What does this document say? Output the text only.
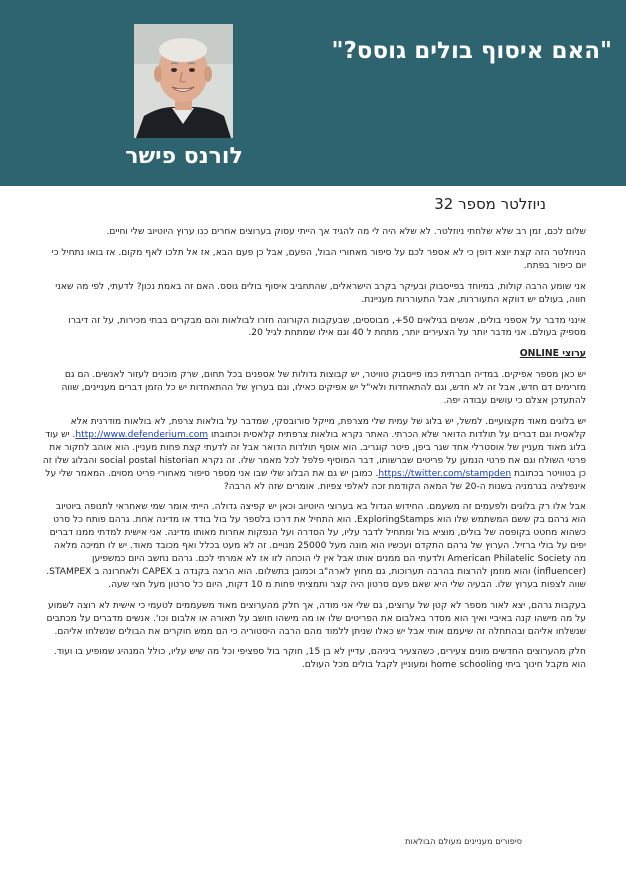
"האם איסוף בולים גוסס?"
לורנס פישר
ניוזלטר מספר 32

שלום לכם, זמן רב שלא שלחתי ניוזלטר. לא שלא היה לי מה להגיד אך הייתי עסוק בערוצים אחרים כנו ערוץ היוטיוב שלי וחיים.

הניוזלטר הזה קצת יוצא דופן כי לא אספר לכם על סיפור מאחורי הבול, הפעם, אבל כן פעם הבא, אז אל תלכו לאף מקום. אז בואו נתחיל כי יום כיפור בפתח.

אני שומע הרבה קולות, במיוחד בפייסבוק ובעיקר בקרב הישראלים, שהתחביב איסוף בולים גוסס. האם זה באמת נכון? לדעתי, לפי מה שאני חווה, בעולם יש דווקא התעוררות, אבל התעוררות מעניינת.

אינני מדבר על אספני בולים, אנשים בגילאים 50+, מבוססים, שבעקבות הקורונה חזרו לבולאות והם מבקרים בבתי מכירות, על זה דיברו מספיק בעולם. אני מדבר יותר על הצעירים יותר, מתחת ל 40 וגם אילו שמתחת לגיל 20.

ערוצי ONLINE

יש כאן מספר אפיקים. במדיה חברתית כמו פייסבוק טוויטר, יש קבוצות גדולות של אספנים בכל תחום, שרק מוכנים לעזור לאנשים. הם גם מזרימים דם חדש, אבל זה לא חדש, וגם להתאחדות ולאי"ל יש אפיקים כאילו, וגם בערוץ של ההתאחדות יש כל הזמן דברים מעניינים, שווה להתעדכן אצלם כי עושים עבודה יפה.

יש בלוגים מאוד מקצועיים. למשל, יש בלוג של עמית שלי מצרפת, מייקל סורובסקי, שמדבר על בולאות צרפת, לא בולאות מודרנית אלא קלאסית וגם דברים על תולדות הדואר שלא הכרתי. האתר נקרא בולאות צרפתית קלאסית וכתובתו http://www.defenderium.com. יש עוד בלוג מאוד מעניין של אוסטרלי אחד שגר ביפן, פיטר קוגריב. הוא אוסף תולדות הדואר אבל זה לדעתי קצת פחות מעניין. הוא אוהב לחקור את פרטי השולח וגם את פרטי הנמען על פריטים שברשותו, דבר המוסיף פלפל לכל מאמר שלו. זה נקרא social postal historian והבלוג שלו זה כן בטוויטר בכתובת https://twitter.com/stampden. כמובן יש גם את הבלוג שלי שבו אני מספר סיפור מאחורי פריט מסוים. המאמר שלי על אינפלציה בגרמניה בשנות ה-20 של המאה הקודמת זכה לאלפי צפיות. אומרים שזה לא הרבה?

אבל אלו רק בלוגים ולפעמים זה משעמם. החידוש הגדול בא בערוצי היוטיוב וכאן יש קפיצה גדולה. הייתי אומר שמי שאחראי לתנופה ביוטיוב הוא גרהם בק ששם המשתמש שלו הוא ExploringStamps. הוא התחיל את דרכו בלספר על בול בודד או מדינה אחת. גרהם פותח כל סרט כשהוא מחטט בקופסה של בולים, מוציא בול ומתחיל לדבר עליו, על הסדרה ועל הנפקות אחרות מאותו מדינה. אני אישית למדתי ממנו דברים יפים על בולי ברזיל. הערוץ של גרהם התקדם ועכשיו הוא מונה מעל 25000 מנויים. זה לא מעט בכלל ואף מכובד מאוד. יש לו תמיכה מלאה מה American Philatelic Society ולדעתי הם ממנים אותו אבל אין לי הוכחה לזו אז לא אמרתי לכם. גרהם נחשב היום כמשפיען (influencer) והוא מוזמן להרצות בהרבה תערוכות, גם מחוץ לארה"ב וכמובן בתשלום. הוא הרצה בקנדה ב CAPEX ולאחרונה ב STAMPEX. שווה לצפות בערוץ שלו. הבעיה שלי היא שאם פעם סרטון היה קצר ותמציתי פחות מ 10 דקות, היום כל סרטון מעל חצי שעה.

בעקבות גרהם, יצא לאור מספר לא קטן של ערוצים, גם שלי אני מודה, אך חלק מהערוצים מאוד משעממים לטעמי כי אישית לא רוצה לשמוע על מה מישהו קנה באיביי ואיך הוא מסדר באלבום את הפריטים שלו או מה מישהו חושב על תאורה או אלבום וכו'. אנשים מדברים על מכתבים שנשלחו אליהם ובהתחלה זה שיעמם אותי אבל יש כאלו שניתן ללמוד מהם הרבה היסטוריה כי הם ממש חוקרים את הבולים שנשלחו אליהם.

חלק מהערוצים החדשים מונים צעירים, כשהצעיר ביניהם, עדיין לא בן 15, חוקר בול ספציפי וכל מה שיש עליו, כולל המנהיג שמופיע בו ועוד. הוא מקבל חינוך ביתי home schooling ומעוניין לקבל בולים מכל העולם.

סיפורים מעניינים מעולם הבולאות
